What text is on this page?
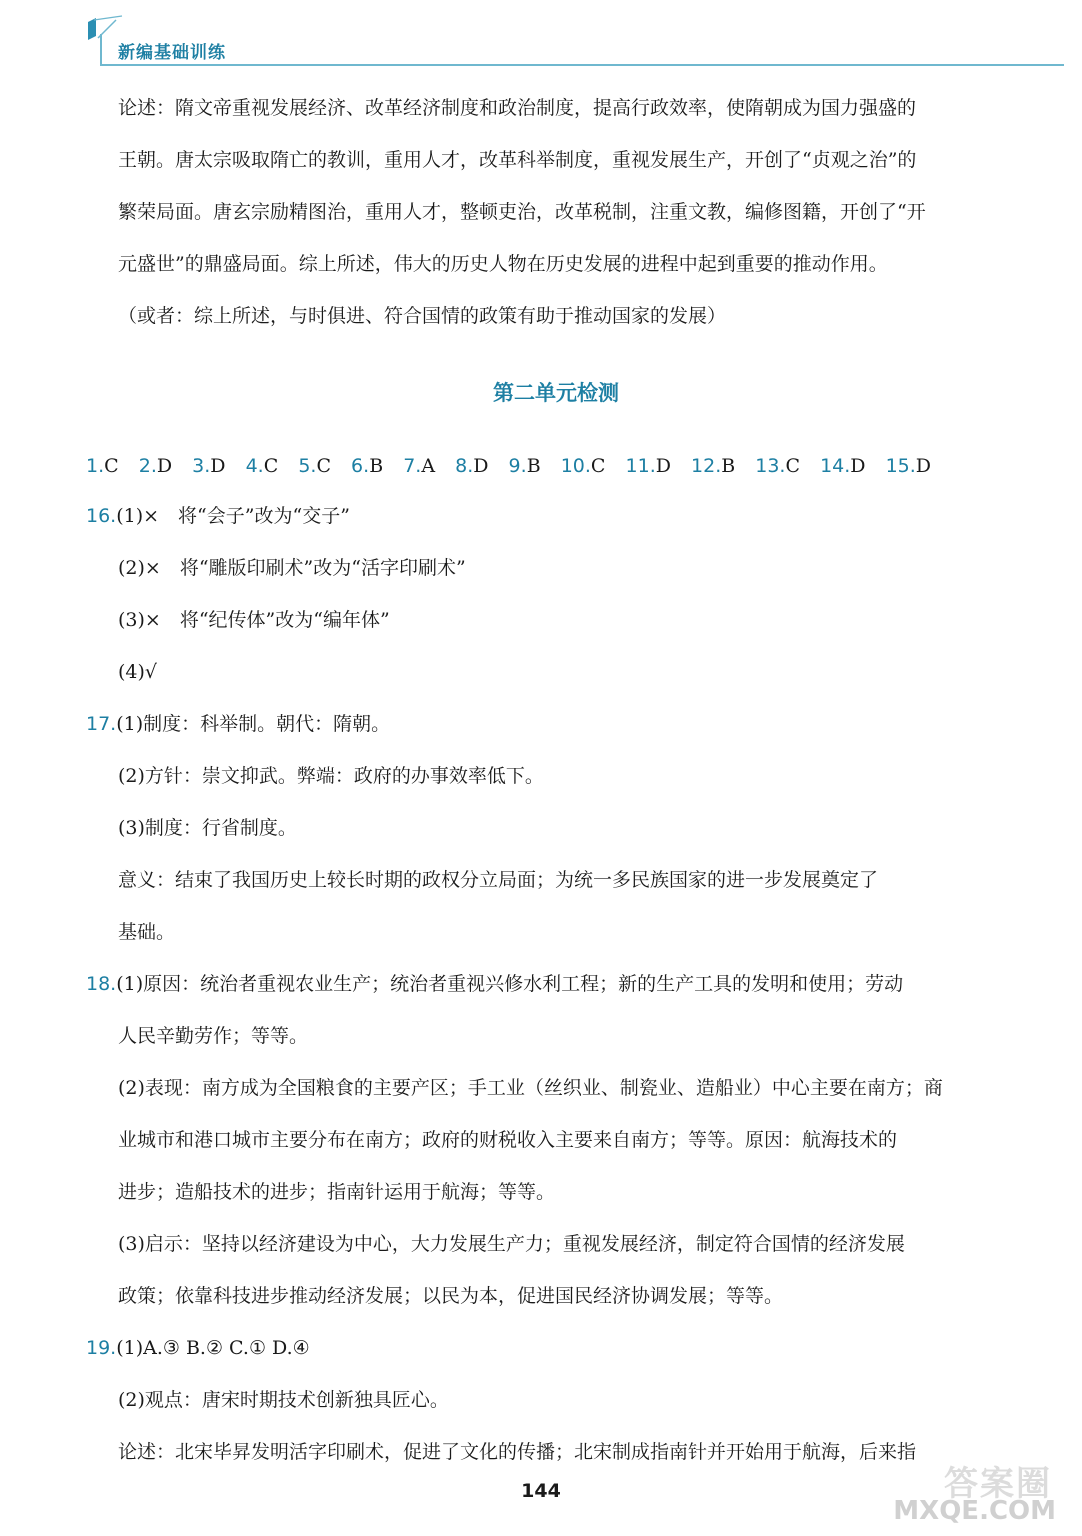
新编基础训练

论述：隋文帝重视发展经济、改革经济制度和政治制度，提高行政效率，使隋朝成为国力强盛的

王朝。唐太宗吸取隋亡的教训，重用人才，改革科举制度，重视发展生产，开创了“贞观之治”的

繁荣局面。唐玄宗励精图治，重用人才，整顿吏治，改革税制，注重文教，编修图籍，开创了“开

元盛世”的鼎盛局面。综上所述，伟大的历史人物在历史发展的进程中起到重要的推动作用。

（或者：综上所述，与时俱进、符合国情的政策有助于推动国家的发展）

第二单元检测
1.C 2.D 3.D 4.C 5.C 6.B 7.A 8.D 9.B 10.C 11.D 12.B 13.C 14.D 15.D

16.(1)×　将“会子”改为“交子”

(2)×　将“雕版印刷术”改为“活字印刷术”

(3)×　将“纪传体”改为“编年体”

(4)√

17.(1)制度：科举制。朝代：隋朝。

(2)方针：崇文抑武。弊端：政府的办事效率低下。

(3)制度：行省制度。

意义：结束了我国历史上较长时期的政权分立局面；为统一多民族国家的进一步发展奠定了

基础。

18.(1)原因：统治者重视农业生产；统治者重视兴修水利工程；新的生产工具的发明和使用；劳动

人民辛勤劳作；等等。

(2)表现：南方成为全国粮食的主要产区；手工业（丝织业、制瓷业、造船业）中心主要在南方；商

业城市和港口城市主要分布在南方；政府的财税收入主要来自南方；等等。原因：航海技术的

进步；造船技术的进步；指南针运用于航海；等等。

(3)启示：坚持以经济建设为中心，大力发展生产力；重视发展经济，制定符合国情的经济发展

政策；依靠科技进步推动经济发展；以民为本，促进国民经济协调发展；等等。

19.(1)A.③ B.② C.① D.④

(2)观点：唐宋时期技术创新独具匠心。

论述：北宋毕昇发明活字印刷术，促进了文化的传播；北宋制成指南针并开始用于航海，后来指

144	答案圈
MXQE.COM
